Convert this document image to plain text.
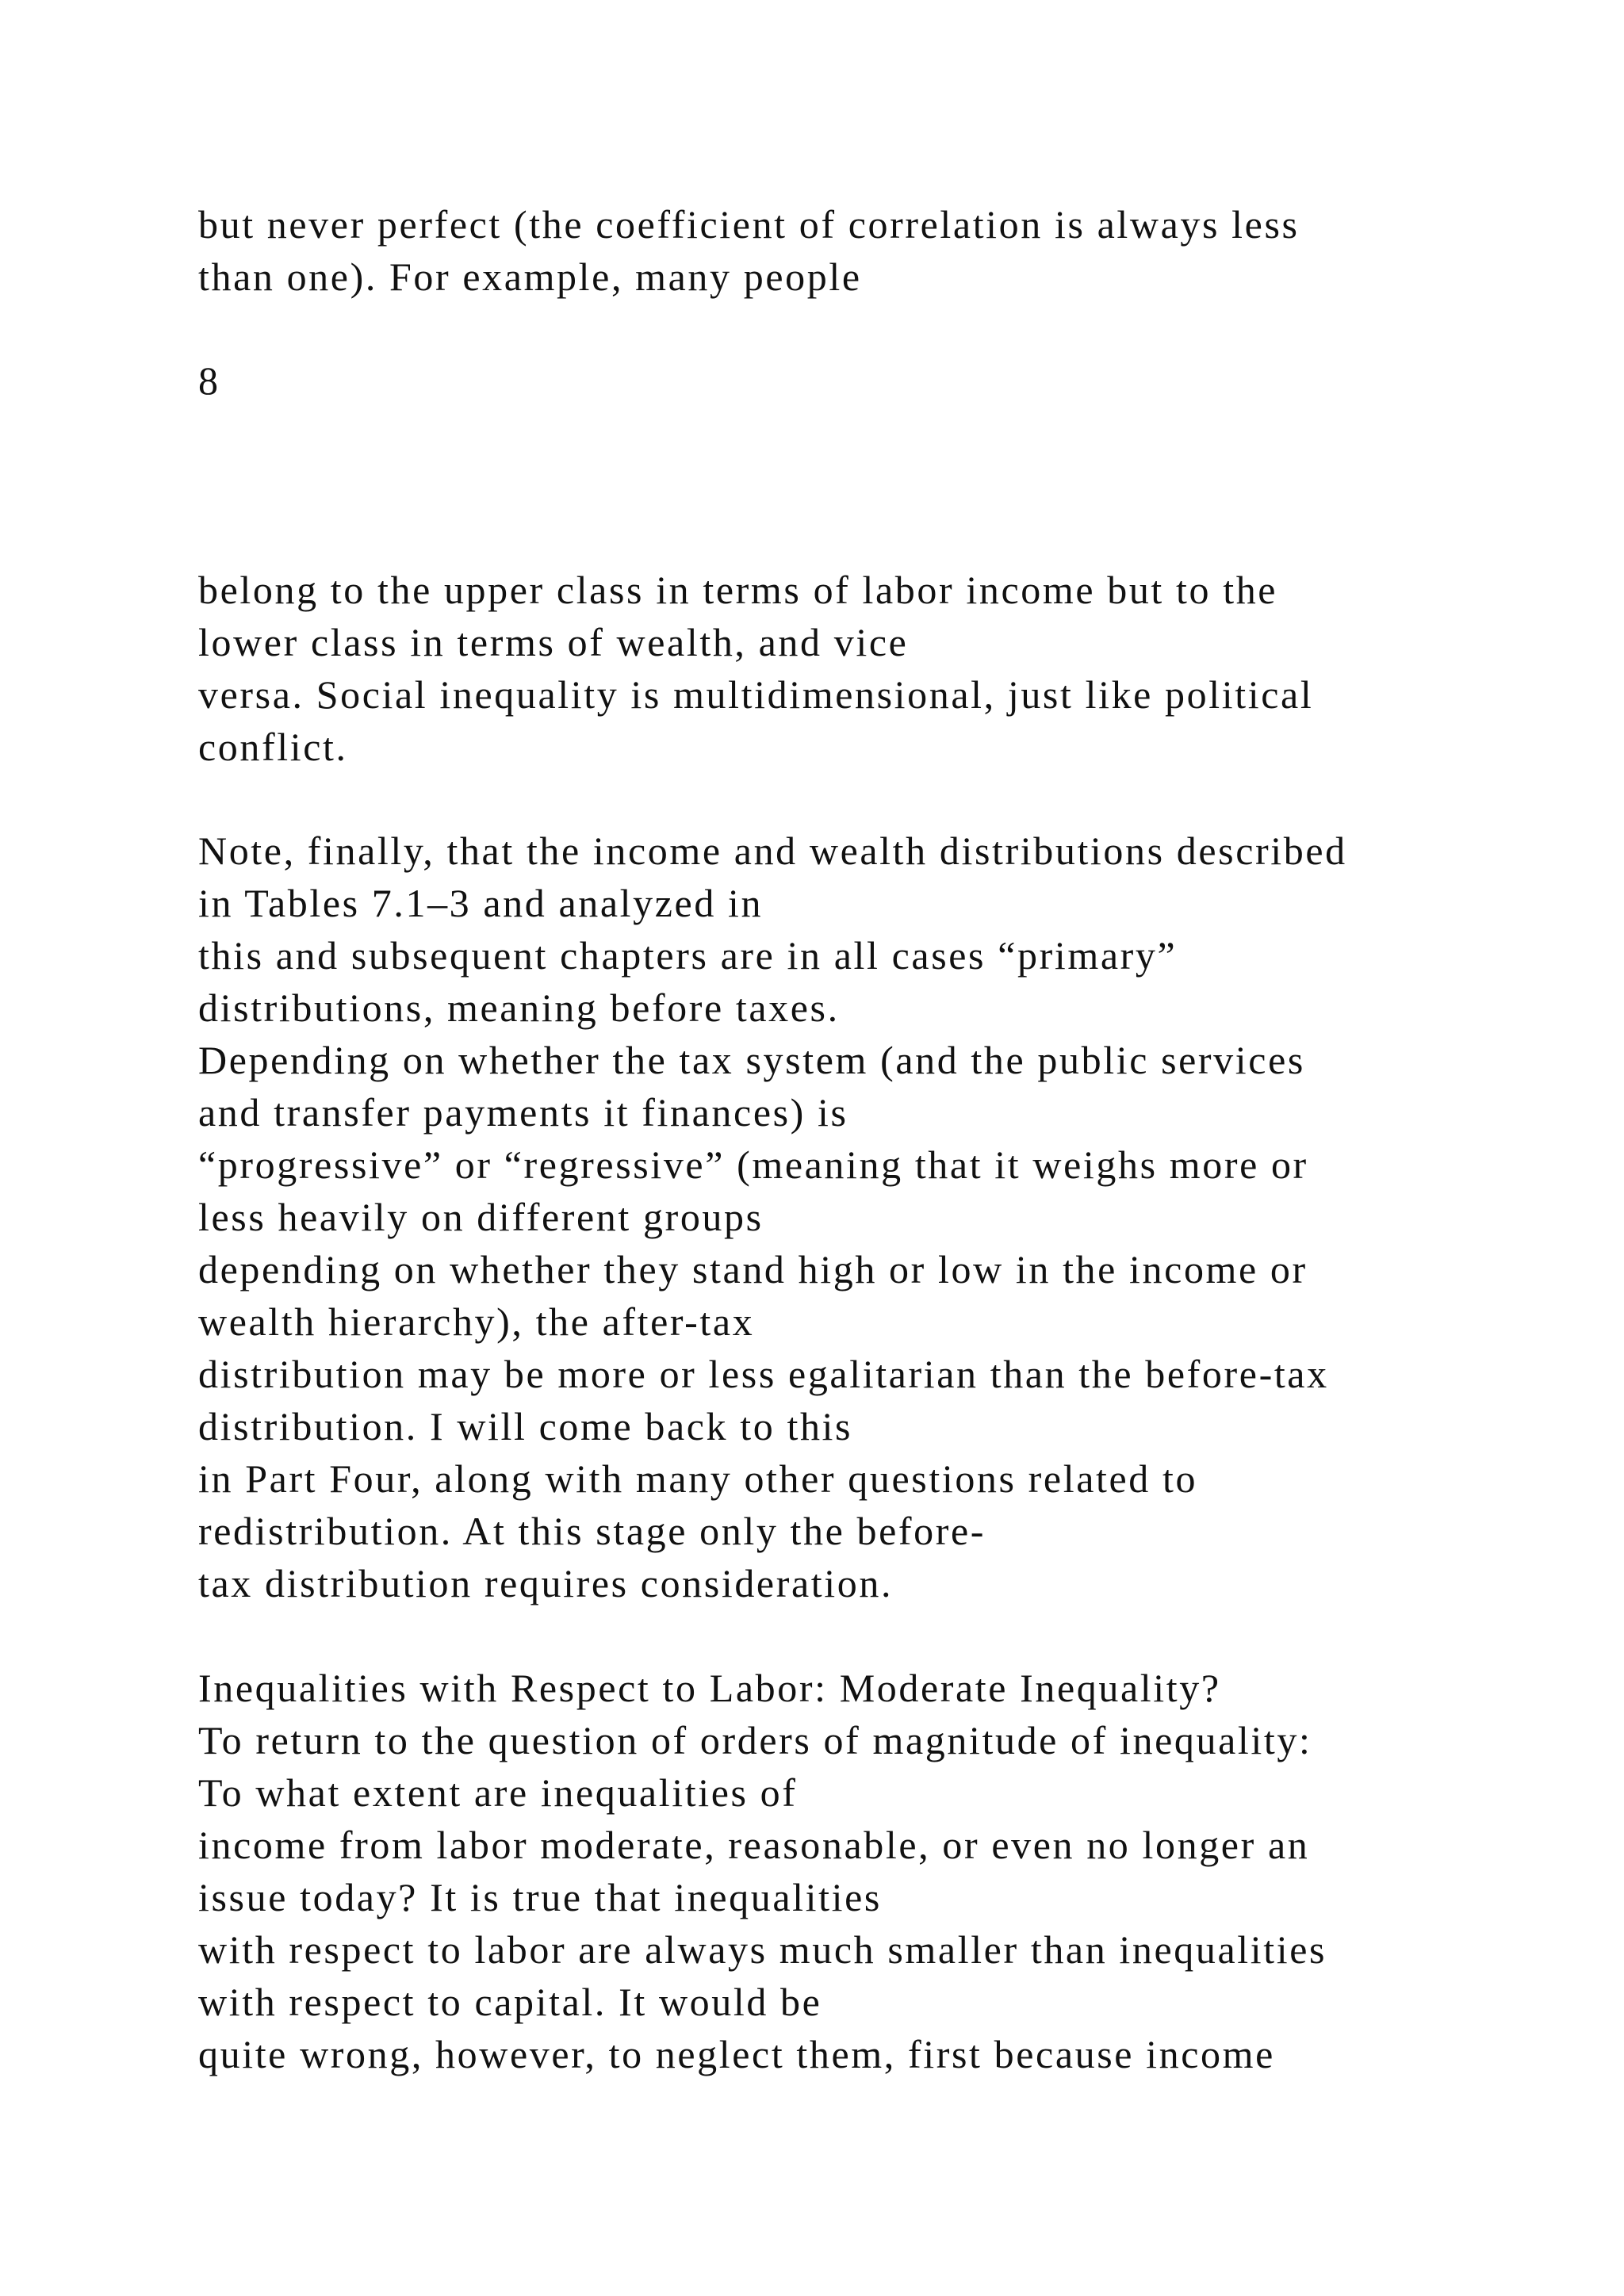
but never perfect (the coefficient of correlation is always less
than one). For example, many people
8
belong to the upper class in terms of labor income but to the
lower class in terms of wealth, and vice
versa. Social inequality is multidimensional, just like political
conflict.
Note, finally, that the income and wealth distributions described
in Tables 7.1–3 and analyzed in
this and subsequent chapters are in all cases “primary”
distributions, meaning before taxes.
Depending on whether the tax system (and the public services
and transfer payments it finances) is
“progressive” or “regressive” (meaning that it weighs more or
less heavily on different groups
depending on whether they stand high or low in the income or
wealth hierarchy), the after-tax
distribution may be more or less egalitarian than the before-tax
distribution. I will come back to this
in Part Four, along with many other questions related to
redistribution. At this stage only the before-
tax distribution requires consideration.
Inequalities with Respect to Labor: Moderate Inequality?
To return to the question of orders of magnitude of inequality:
To what extent are inequalities of
income from labor moderate, reasonable, or even no longer an
issue today? It is true that inequalities
with respect to labor are always much smaller than inequalities
with respect to capital. It would be
quite wrong, however, to neglect them, first because income
